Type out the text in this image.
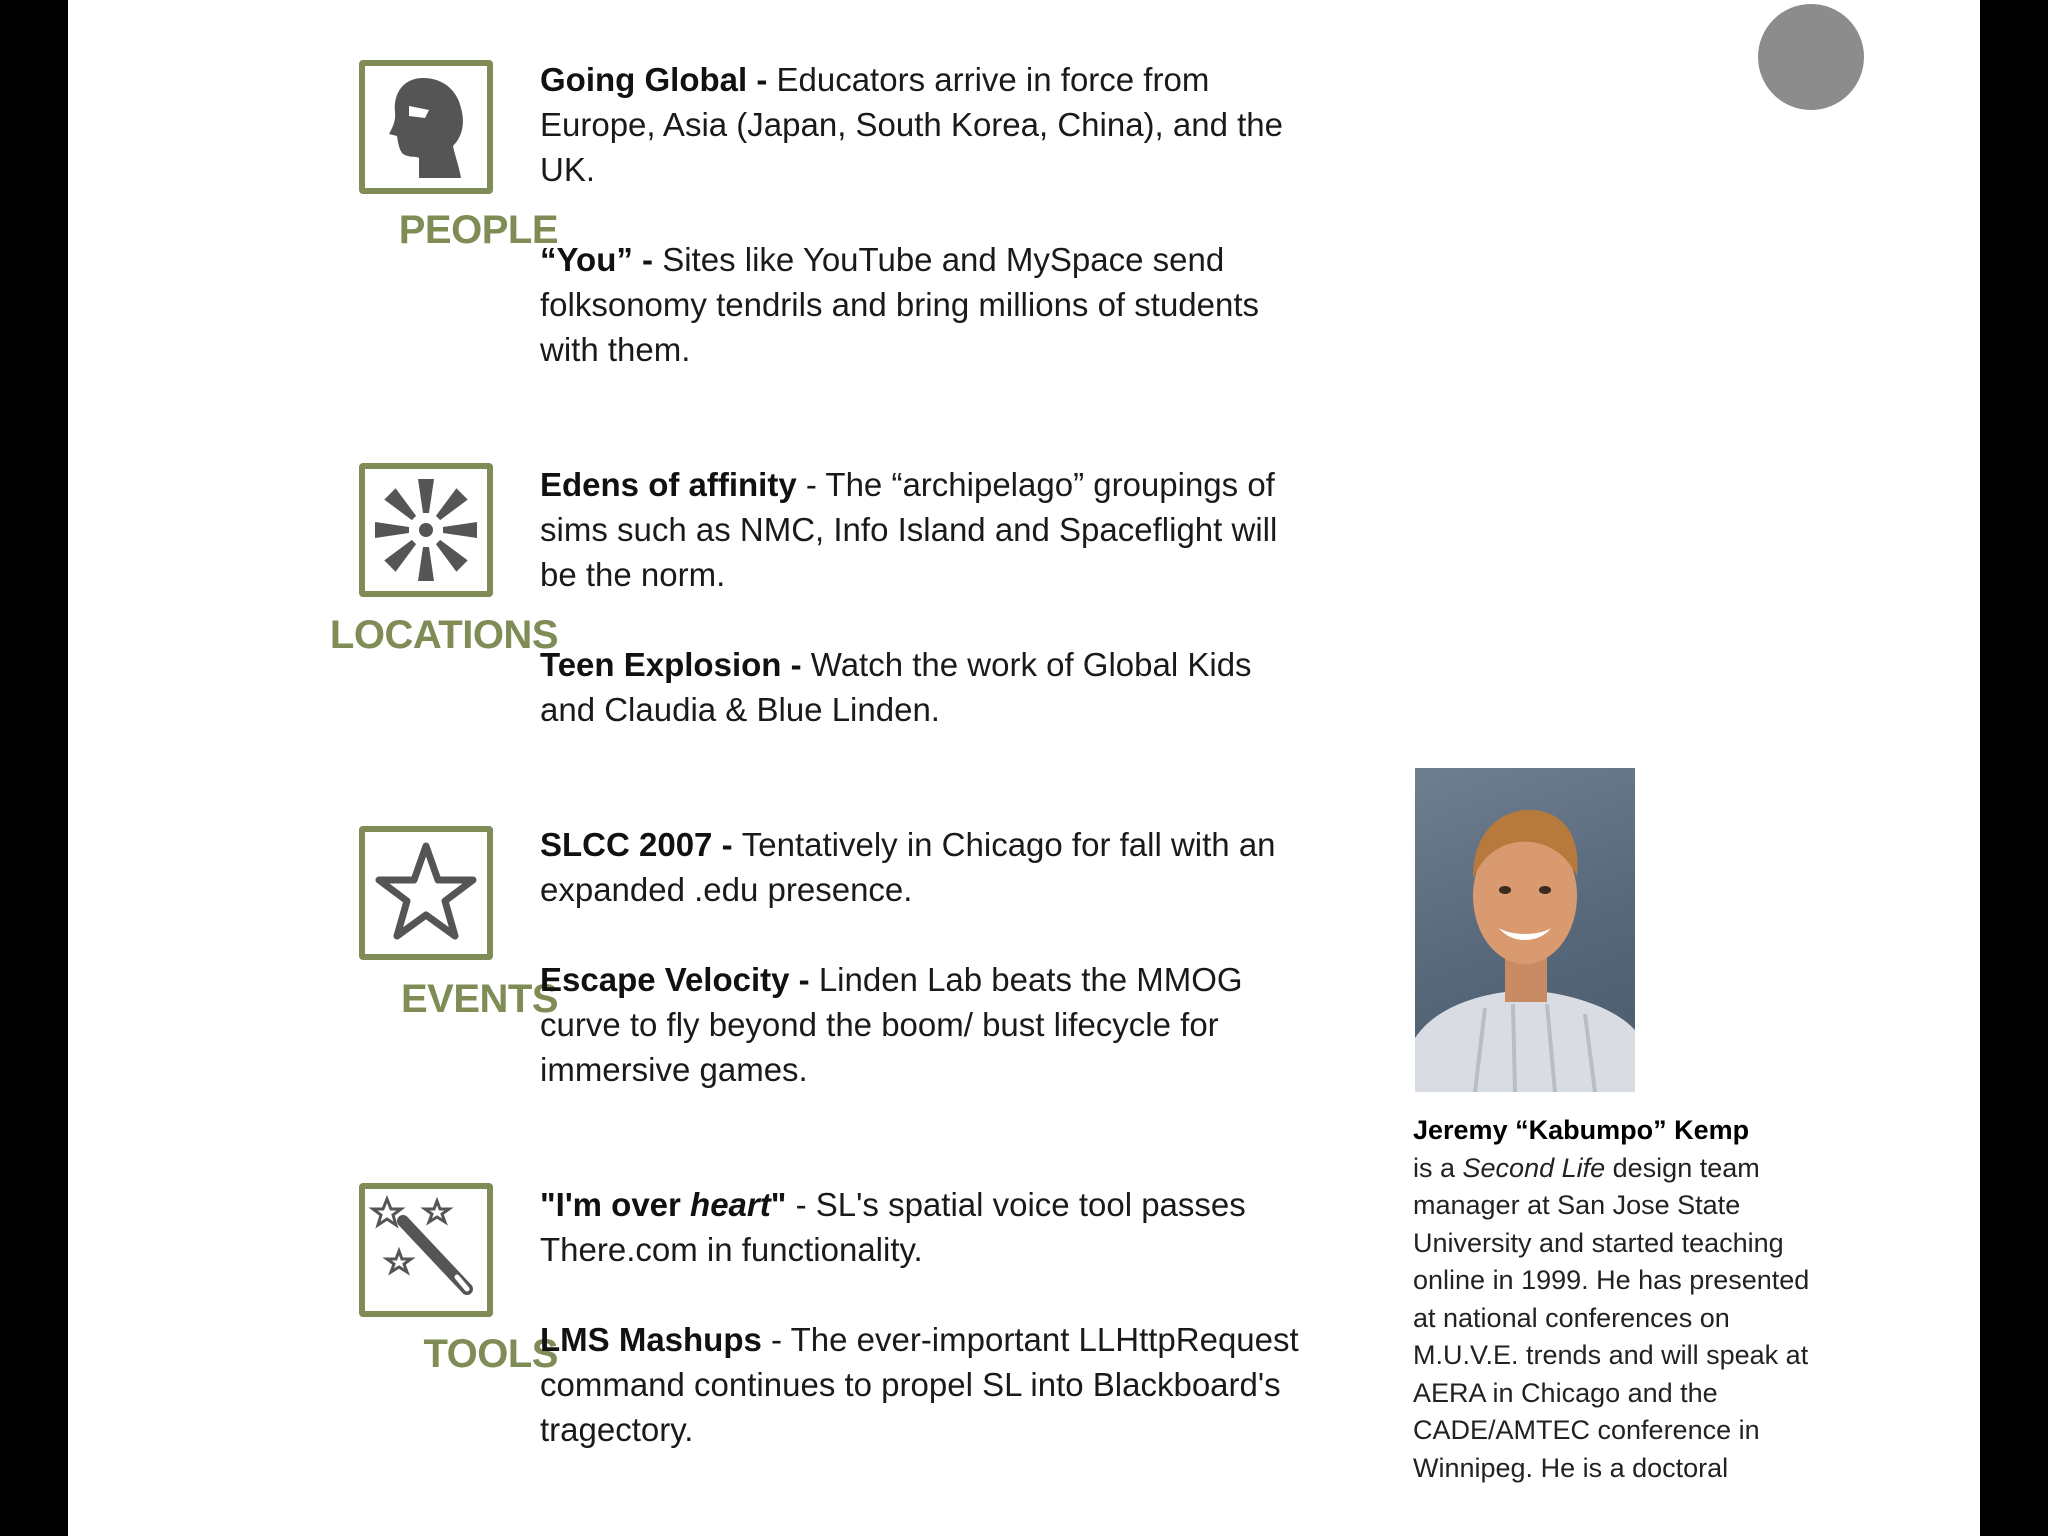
PEOPLE
LOCATIONS
EVENTS
TOOLS
Going Global - Educators arrive in force from Europe, Asia (Japan, South Korea, China), and the UK.
“You” - Sites like YouTube and MySpace send folksonomy tendrils and bring millions of students with them.
Edens of affinity - The “archipelago” groupings of sims such as NMC, Info Island and Spaceflight will be the norm.
Teen Explosion - Watch the work of Global Kids and Claudia & Blue Linden.
SLCC 2007 - Tentatively in Chicago for fall with an expanded .edu presence.
Escape Velocity - Linden Lab beats the MMOG curve to fly beyond the boom/ bust lifecycle for immersive games.
"I'm over heart" - SL's spatial voice tool passes There.com in functionality.
LMS Mashups - The ever-important LLHttpRequest command continues to propel SL into Blackboard's tragectory.
Jeremy “Kabumpo” Kemp
is a Second Life design team manager at San Jose State University and started teaching online in 1999. He has presented at national conferences on M.U.V.E. trends and will speak at AERA in Chicago and the CADE/AMTEC conference in Winnipeg. He is a doctoral
